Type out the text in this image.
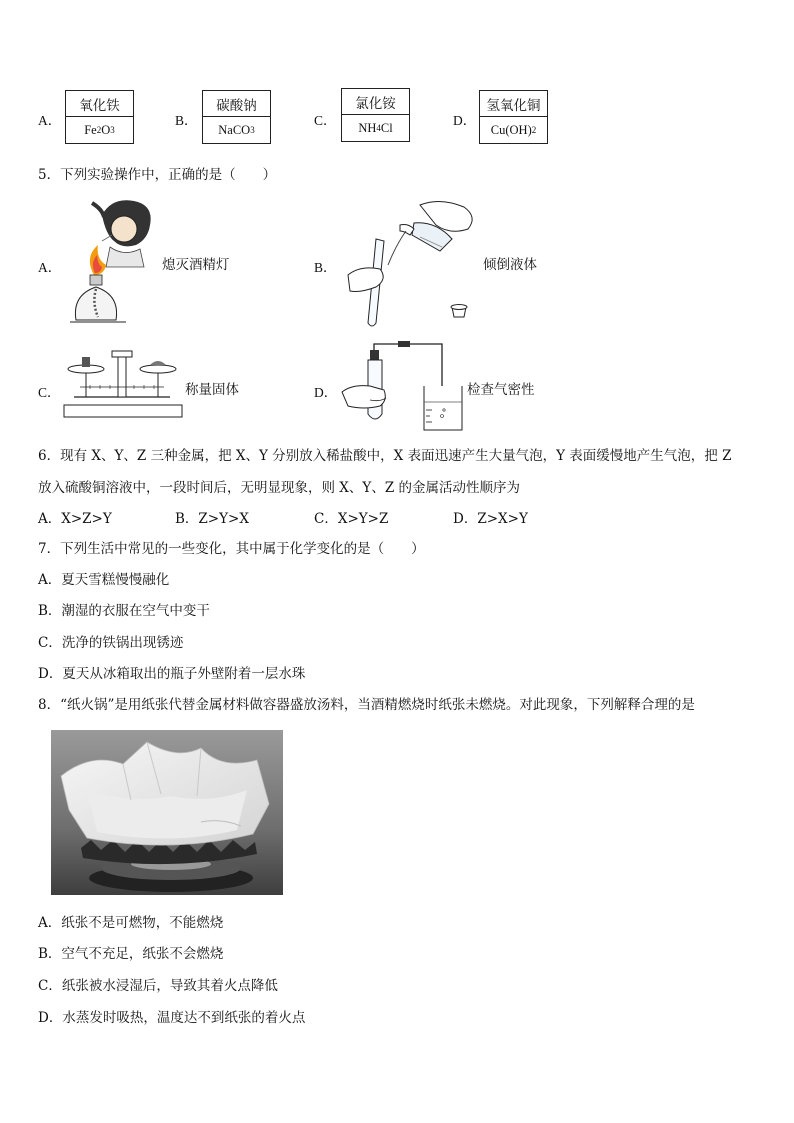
A．
氧化铁
Fe 2 O 3
B．
碳酸钠
NaCO 3
C．
氯化铵
NH 4 Cl	D．
氢氧化铜
Cu(OH) 2
5．下列实验操作中，正确的是（　　）
A．	熄灭酒精灯	B．	倾倒液体
C．	称量固体	D．	检查气密性
6．现有 X、Y、Z 三种金属，把 X、Y 分别放入稀盐酸中，X 表面迅速产生大量气泡，Y 表面缓慢地产生气泡，把 Z
放入硫酸铜溶液中，一段时间后，无明显现象，则 X、Y、Z 的金属活动性顺序为
A．X>Z>Y	B．Z>Y>X	C．X>Y>Z	D．Z>X>Y
7．下列生活中常见的一些变化，其中属于化学变化的是（　　）
A．夏天雪糕慢慢融化
B．潮湿的衣服在空气中变干
C．洗净的铁锅出现锈迹
D．夏天从冰箱取出的瓶子外壁附着一层水珠
8．“纸火锅”是用纸张代替金属材料做容器盛放汤料，当酒精燃烧时纸张未燃烧。对此现象，下列解释合理的是
A．纸张不是可燃物，不能燃烧
B．空气不充足，纸张不会燃烧
C．纸张被水浸湿后，导致其着火点降低
D．水蒸发时吸热，温度达不到纸张的着火点
